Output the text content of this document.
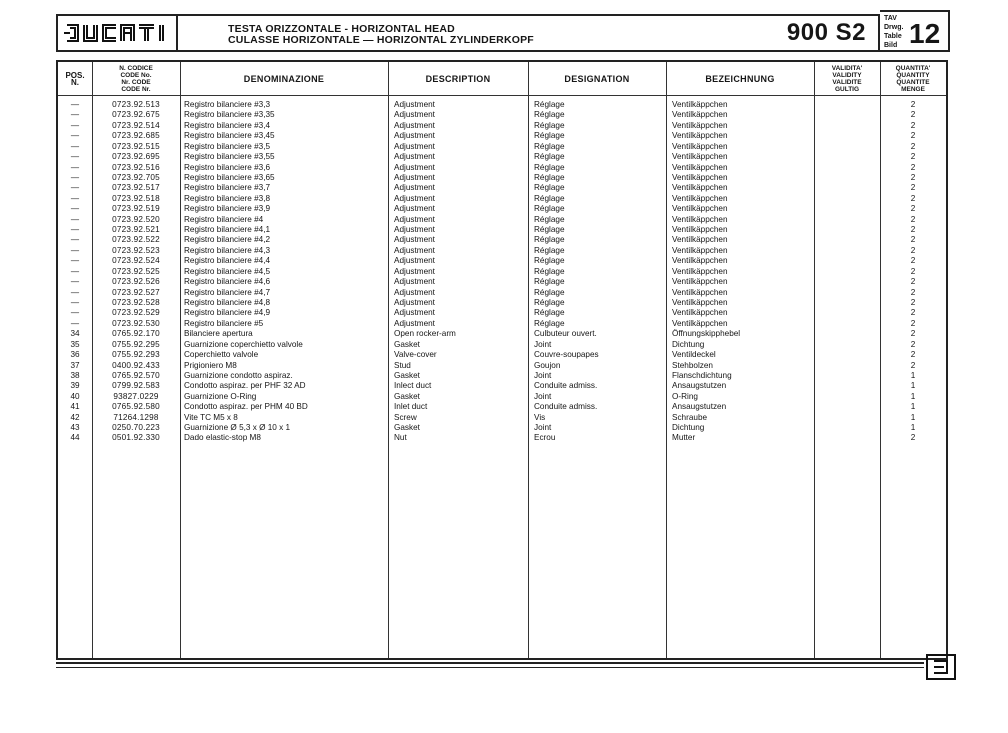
TESTA ORIZZONTALE - HORIZONTAL HEAD
CULASSE HORIZONTALE — HORIZONTAL ZYLINDERKOPF	900 S2
TAV
Drwg.
Table
Bild 12
POS.
N.
N. CODICE
CODE No.
Nr. CODE
CODE Nr.
DENOMINAZIONE	DESCRIPTION	DESIGNATION	BEZEICHNUNG
VALIDITA'
VALIDITY
VALIDITE
GULTIG
QUANTITA'
QUANTITY
QUANTITE
MENGE
—	0723.92.513	Registro bilanciere #3,3	Adjustment	Réglage	Ventilkäppchen	2
—	0723.92.675	Registro bilanciere #3,35	Adjustment	Réglage	Ventilkäppchen	2
—	0723.92.514	Registro bilanciere #3,4	Adjustment	Réglage	Ventilkäppchen	2
—	0723.92.685	Registro bilanciere #3,45	Adjustment	Réglage	Ventilkäppchen	2
—	0723.92.515	Registro bilanciere #3,5	Adjustment	Réglage	Ventilkäppchen	2
—	0723.92.695	Registro bilanciere #3,55	Adjustment	Réglage	Ventilkäppchen	2
—	0723.92.516	Registro bilanciere #3,6	Adjustment	Réglage	Ventilkäppchen	2
—	0723.92.705	Registro bilanciere #3,65	Adjustment	Réglage	Ventilkäppchen	2
—	0723.92.517	Registro bilanciere #3,7	Adjustment	Réglage	Ventilkäppchen	2
—	0723.92.518	Registro bilanciere #3,8	Adjustment	Réglage	Ventilkäppchen	2
—	0723.92.519	Registro bilanciere #3,9	Adjustment	Réglage	Ventilkäppchen	2
—	0723.92.520	Registro bilanciere #4	Adjustment	Réglage	Ventilkäppchen	2
—	0723.92.521	Registro bilanciere #4,1	Adjustment	Réglage	Ventilkäppchen	2
—	0723.92.522	Registro bilanciere #4,2	Adjustment	Réglage	Ventilkäppchen	2
—	0723.92.523	Registro bilanciere #4,3	Adjustment	Réglage	Ventilkäppchen	2
—	0723.92.524	Registro bilanciere #4,4	Adjustment	Réglage	Ventilkäppchen	2
—	0723.92.525	Registro bilanciere #4,5	Adjustment	Réglage	Ventilkäppchen	2
—	0723.92.526	Registro bilanciere #4,6	Adjustment	Réglage	Ventilkäppchen	2
—	0723.92.527	Registro bilanciere #4,7	Adjustment	Réglage	Ventilkäppchen	2
—	0723.92.528	Registro bilanciere #4,8	Adjustment	Réglage	Ventilkäppchen	2
—	0723.92.529	Registro bilanciere #4,9	Adjustment	Réglage	Ventilkäppchen	2
—	0723.92.530	Registro bilanciere #5	Adjustment	Réglage	Ventilkäppchen	2
34	0765.92.170	Bilanciere apertura	Open rocker-arm	Culbuteur ouvert.	Öffnungskipphebel	2
35	0755.92.295	Guarnizione coperchietto valvole	Gasket	Joint	Dichtung	2
36	0755.92.293	Coperchietto valvole	Valve-cover	Couvre-soupapes	Ventildeckel	2
37	0400.92.433	Prigioniero M8	Stud	Goujon	Stehbolzen	2
38	0765.92.570	Guarnizione condotto aspiraz.	Gasket	Joint	Flanschdichtung	1
39	0799.92.583	Condotto aspiraz. per PHF 32 AD	Inlect duct	Conduite admiss.	Ansaugstutzen	1
40	93827.0229	Guarnizione O-Ring	Gasket	Joint	O-Ring	1
41	0765.92.580	Condotto aspiraz. per PHM 40 BD	Inlet duct	Conduite admiss.	Ansaugstutzen	1
42	71264.1298	Vite TC M5 x 8	Screw	Vis	Schraube	1
43	0250.70.223	Guarnizione Ø 5,3 x Ø 10 x 1	Gasket	Joint	Dichtung	1
44	0501.92.330	Dado elastic-stop M8	Nut	Ecrou	Mutter	2
